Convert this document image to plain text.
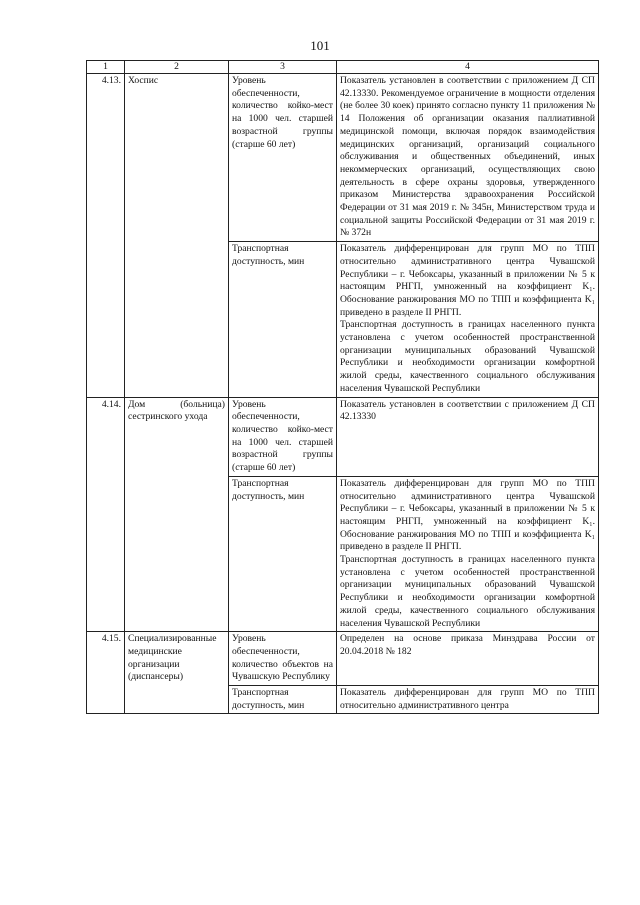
101
1	2	3	4
4.13.	Хоспис	Уровень обеспеченности, количество койко-мест на 1000 чел. старшей возрастной группы (старше 60 лет)	Показатель установлен в соответствии с приложением Д СП 42.13330. Рекомендуемое ограничение в мощности отделения (не более 30 коек) принято согласно пункту 11 приложения № 14 Положения об организации оказания паллиативной медицинской помощи, включая порядок взаимодействия медицинских организаций, организаций социального обслуживания и общественных объединений, иных некоммерческих организаций, осуществляющих свою деятельность в сфере охраны здоровья, утвержденного приказом Министерства здравоохранения Российской Федерации от 31 мая 2019 г. № 345н, Министерством труда и социальной защиты Российской Федерации от 31 мая 2019 г. № 372н

		Транспортная доступность, мин	Показатель дифференцирован для групп МО по ТПП относительно административного центра Чувашской Республики – г. Чебоксары, указанный в приложении № 5 к настоящим РНГП, умноженный на коэффициент K₁. Обоснование ранжирования МО по ТПП и коэффициента K₁ приведено в разделе II РНГП.
Транспортная доступность в границах населенного пункта установлена с учетом особенностей пространственной организации муниципальных образований Чувашской Республики и необходимости организации комфортной жилой среды, качественного социального обслуживания населения Чувашской Республики

4.14.	Дом (больница) сестринского ухода	Уровень обеспеченности, количество койко-мест на 1000 чел. старшей возрастной группы (старше 60 лет)	Показатель установлен в соответствии с приложением Д СП 42.13330

		Транспортная доступность, мин	Показатель дифференцирован для групп МО по ТПП относительно административного центра Чувашской Республики – г. Чебоксары, указанный в приложении № 5 к настоящим РНГП, умноженный на коэффициент K₁. Обоснование ранжирования МО по ТПП и коэффициента K₁ приведено в разделе II РНГП.
Транспортная доступность в границах населенного пункта установлена с учетом особенностей пространственной организации муниципальных образований Чувашской Республики и необходимости организации комфортной жилой среды, качественного социального обслуживания населения Чувашской Республики

4.15.	Специализированные медицинские организации (диспансеры)	Уровень обеспеченности, количество объектов на Чувашскую Республику	Определен на основе приказа Минздрава России от 20.04.2018 № 182

		Транспортная доступность, мин	Показатель дифференцирован для групп МО по ТПП относительно административного центра
